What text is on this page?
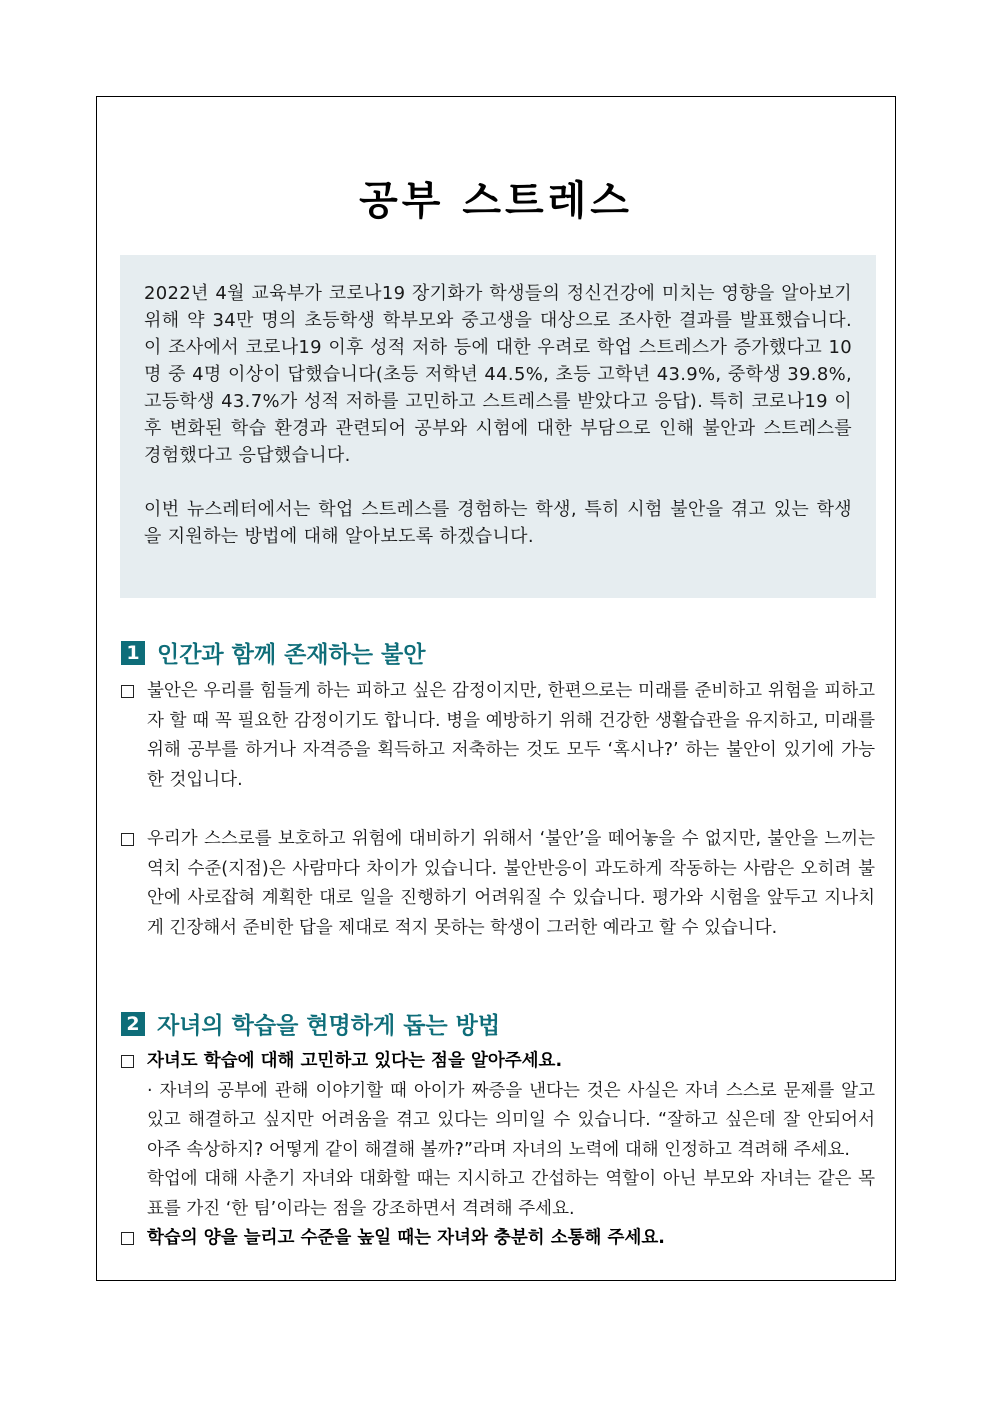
공부 스트레스

2022년 4월 교육부가 코로나19 장기화가 학생들의 정신건강에 미치는 영향을 알아보기 위해 약 34만 명의 초등학생 학부모와 중고생을 대상으로 조사한 결과를 발표했습니다. 이 조사에서 코로나19 이후 성적 저하 등에 대한 우려로 학업 스트레스가 증가했다고 10명 중 4명 이상이 답했습니다(초등 저학년 44.5%, 초등 고학년 43.9%, 중학생 39.8%, 고등학생 43.7%가 성적 저하를 고민하고 스트레스를 받았다고 응답). 특히 코로나19 이후 변화된 학습 환경과 관련되어 공부와 시험에 대한 부담으로 인해 불안과 스트레스를 경험했다고 응답했습니다.

이번 뉴스레터에서는 학업 스트레스를 경험하는 학생, 특히 시험 불안을 겪고 있는 학생을 지원하는 방법에 대해 알아보도록 하겠습니다.

1 인간과 함께 존재하는 불안

불안은 우리를 힘들게 하는 피하고 싶은 감정이지만, 한편으로는 미래를 준비하고 위험을 피하고자 할 때 꼭 필요한 감정이기도 합니다. 병을 예방하기 위해 건강한 생활습관을 유지하고, 미래를 위해 공부를 하거나 자격증을 획득하고 저축하는 것도 모두 ‘혹시나?’ 하는 불안이 있기에 가능한 것입니다.

우리가 스스로를 보호하고 위험에 대비하기 위해서 ‘불안’을 떼어놓을 수 없지만, 불안을 느끼는 역치 수준(지점)은 사람마다 차이가 있습니다. 불안반응이 과도하게 작동하는 사람은 오히려 불안에 사로잡혀 계획한 대로 일을 진행하기 어려워질 수 있습니다. 평가와 시험을 앞두고 지나치게 긴장해서 준비한 답을 제대로 적지 못하는 학생이 그러한 예라고 할 수 있습니다.

2 자녀의 학습을 현명하게 돕는 방법

자녀도 학습에 대해 고민하고 있다는 점을 알아주세요.

· 자녀의 공부에 관해 이야기할 때 아이가 짜증을 낸다는 것은 사실은 자녀 스스로 문제를 알고 있고 해결하고 싶지만 어려움을 겪고 있다는 의미일 수 있습니다. “잘하고 싶은데 잘 안되어서 아주 속상하지? 어떻게 같이 해결해 볼까?”라며 자녀의 노력에 대해 인정하고 격려해 주세요.

학업에 대해 사춘기 자녀와 대화할 때는 지시하고 간섭하는 역할이 아닌 부모와 자녀는 같은 목표를 가진 ‘한 팀’이라는 점을 강조하면서 격려해 주세요.

학습의 양을 늘리고 수준을 높일 때는 자녀와 충분히 소통해 주세요.
